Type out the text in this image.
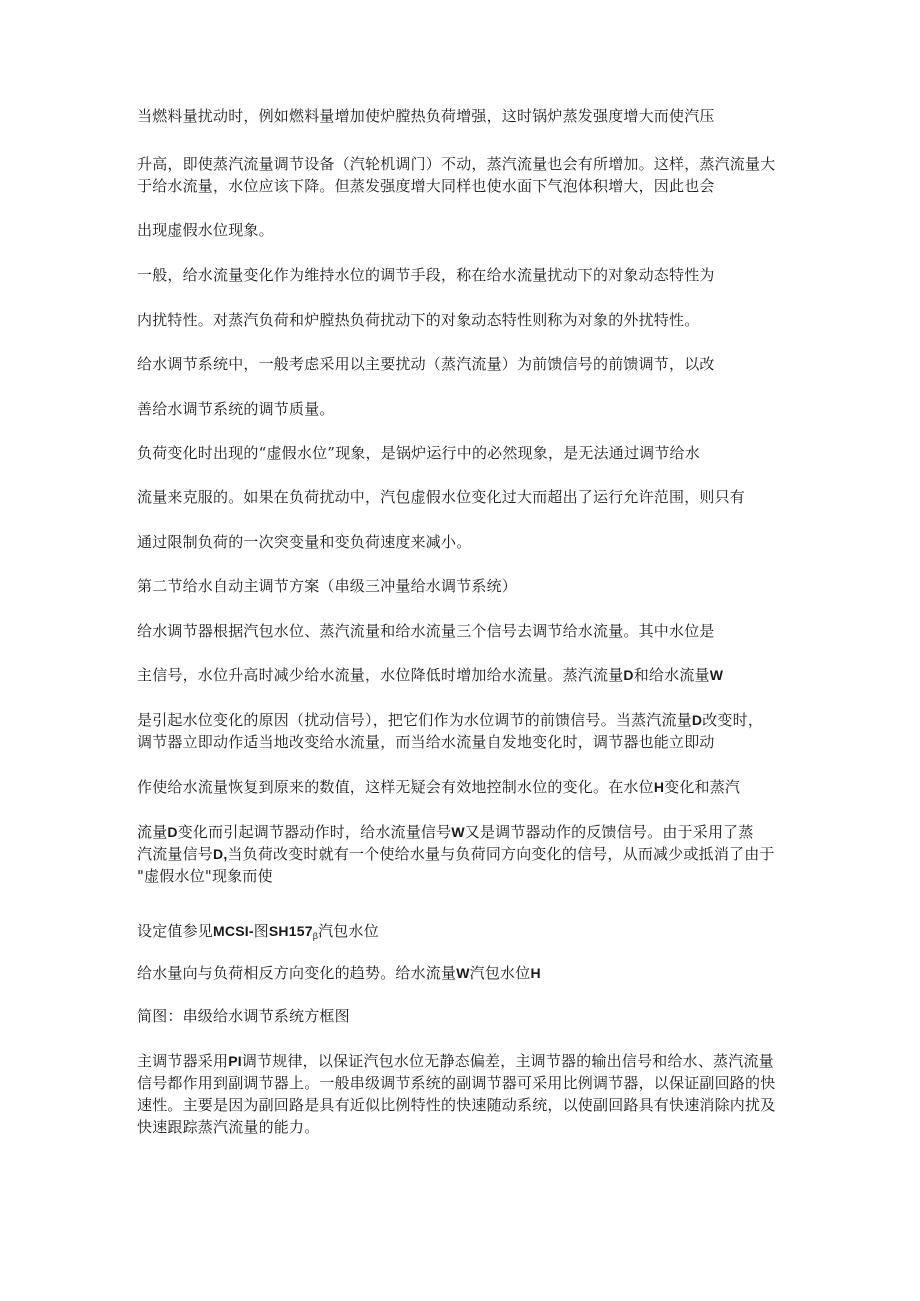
当燃料量扰动时，例如燃料量增加使炉膛热负荷增强，这时锅炉蒸发强度增大而使汽压
升高，即使蒸汽流量调节设备（汽轮机调门）不动，蒸汽流量也会有所增加。这样，蒸汽流量大
于给水流量，水位应该下降。但蒸发强度增大同样也使水面下气泡体积增大，因此也会
出现虚假水位现象。
一般，给水流量变化作为维持水位的调节手段，称在给水流量扰动下的对象动态特性为
内扰特性。对蒸汽负荷和炉膛热负荷扰动下的对象动态特性则称为对象的外扰特性。
给水调节系统中，一般考虑采用以主要扰动（蒸汽流量）为前馈信号的前馈调节，以改
善给水调节系统的调节质量。
负荷变化时出现的“虚假水位”现象，是锅炉运行中的必然现象，是无法通过调节给水
流量来克服的。如果在负荷扰动中，汽包虚假水位变化过大而超出了运行允许范围，则只有
通过限制负荷的一次突变量和变负荷速度来减小。
第二节给水自动主调节方案（串级三冲量给水调节系统）
给水调节器根据汽包水位、蒸汽流量和给水流量三个信号去调节给水流量。其中水位是
主信号，水位升高时减少给水流量，水位降低时增加给水流量。蒸汽流量D和给水流量W
是引起水位变化的原因（扰动信号），把它们作为水位调节的前馈信号。当蒸汽流量D改变时，
调节器立即动作适当地改变给水流量，而当给水流量自发地变化时，调节器也能立即动
作使给水流量恢复到原来的数值，这样无疑会有效地控制水位的变化。在水位H变化和蒸汽
流量D变化而引起调节器动作时，给水流量信号W又是调节器动作的反馈信号。由于采用了蒸
汽流量信号D,当负荷改变时就有一个使给水量与负荷同方向变化的信号，从而减少或抵消了由于
"虚假水位"现象而使
设定值参见MCSI-图$SH157_\beta$汽包水位
给水量向与负荷相反方向变化的趋势。给水流量W汽包水位H
简图：串级给水调节系统方框图
主调节器采用PI调节规律，以保证汽包水位无静态偏差，主调节器的输出信号和给水、蒸汽流量
信号都作用到副调节器上。一般串级调节系统的副调节器可采用比例调节器，以保证副回路的快
速性。主要是因为副回路是具有近似比例特性的快速随动系统，以使副回路具有快速消除内扰及
快速跟踪蒸汽流量的能力。
